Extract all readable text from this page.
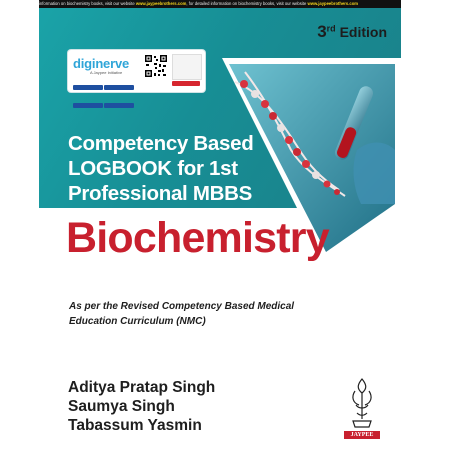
information on biochemistry books, visit our website www.jaypeebrothers.com, for detailed information on biochemistry books, visit our website www.jaypeebrothers.com
3rd Edition
diginerve
A Jaypee Initiative
Competency Based
LOGBOOK for 1st
Professional MBBS
Biochemistry
As per the Revised Competency Based Medical
Education Curriculum (NMC)
Aditya Pratap Singh
Saumya Singh
Tabassum Yasmin
JAYPEE
